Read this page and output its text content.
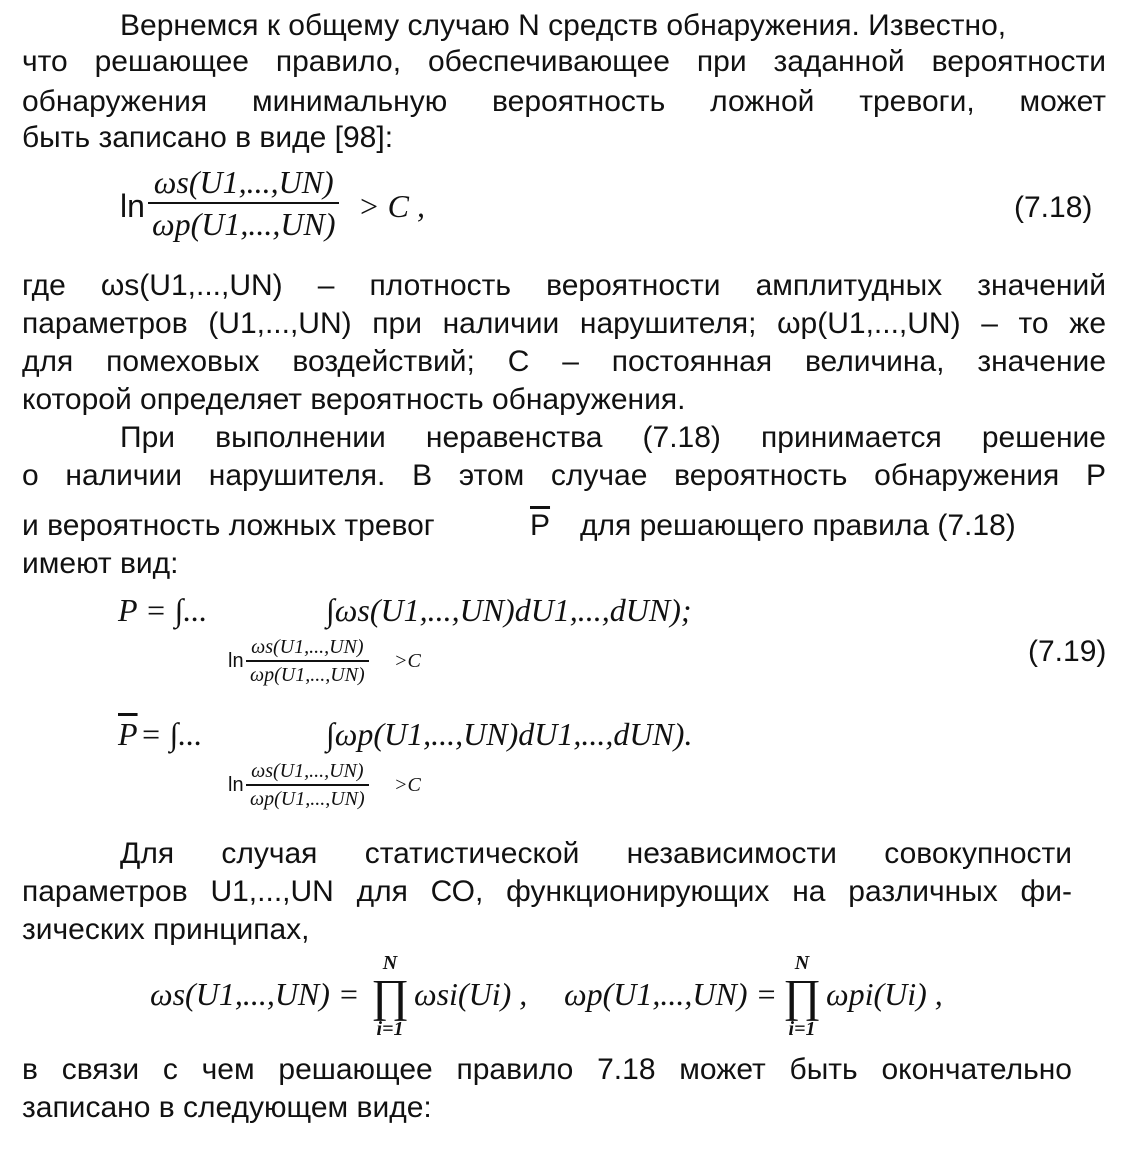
Вернемся к общему случаю N средств обнаружения. Известно,
что решающее правило, обеспечивающее при заданной вероятности
обнаружения минимальную вероятность ложной тревоги, может
быть записано в виде [98]:
$\ln \frac{\omega s(U1,...,UN)}{\omega p(U1,...,UN)} > C$ ,	(7.18)
где ωs(U1,...,UN) – плотность вероятности амплитудных значений
параметров (U1,...,UN) при наличии нарушителя; ωp(U1,...,UN) – то же
для помеховых воздействий; С – постоянная величина, значение
которой определяет вероятность обнаружения.
При выполнении неравенства (7.18) принимается решение
о наличии нарушителя. В этом случае вероятность обнаружения Р
и вероятность ложных тревог	Р для решающего правила (7.18)
имеют вид:
P = ∫...	∫ωs(U1,...,UN)dU1,...,dUN);
$\ln \frac{\omega s(U1,...,UN)}{\omega p(U1,...,UN)} >C$	(7.19)
$\overline{P}$ = ∫...	∫ωp(U1,...,UN)dU1,...,dUN).
$\ln \frac{\omega s(U1,...,UN)}{\omega p(U1,...,UN)} >C$
Для случая статистической независимости совокупности
параметров U1,...,UN для СО, функционирующих на различных фи-
зических принципах,
ωs(U1,...,UN) =
N
∏
i=1
ωsi(Ui) , ωp(U1,...,UN) =
N
∏
i=1
ωpi(Ui) ,
в связи с чем решающее правило 7.18 может быть окончательно
записано в следующем виде:
